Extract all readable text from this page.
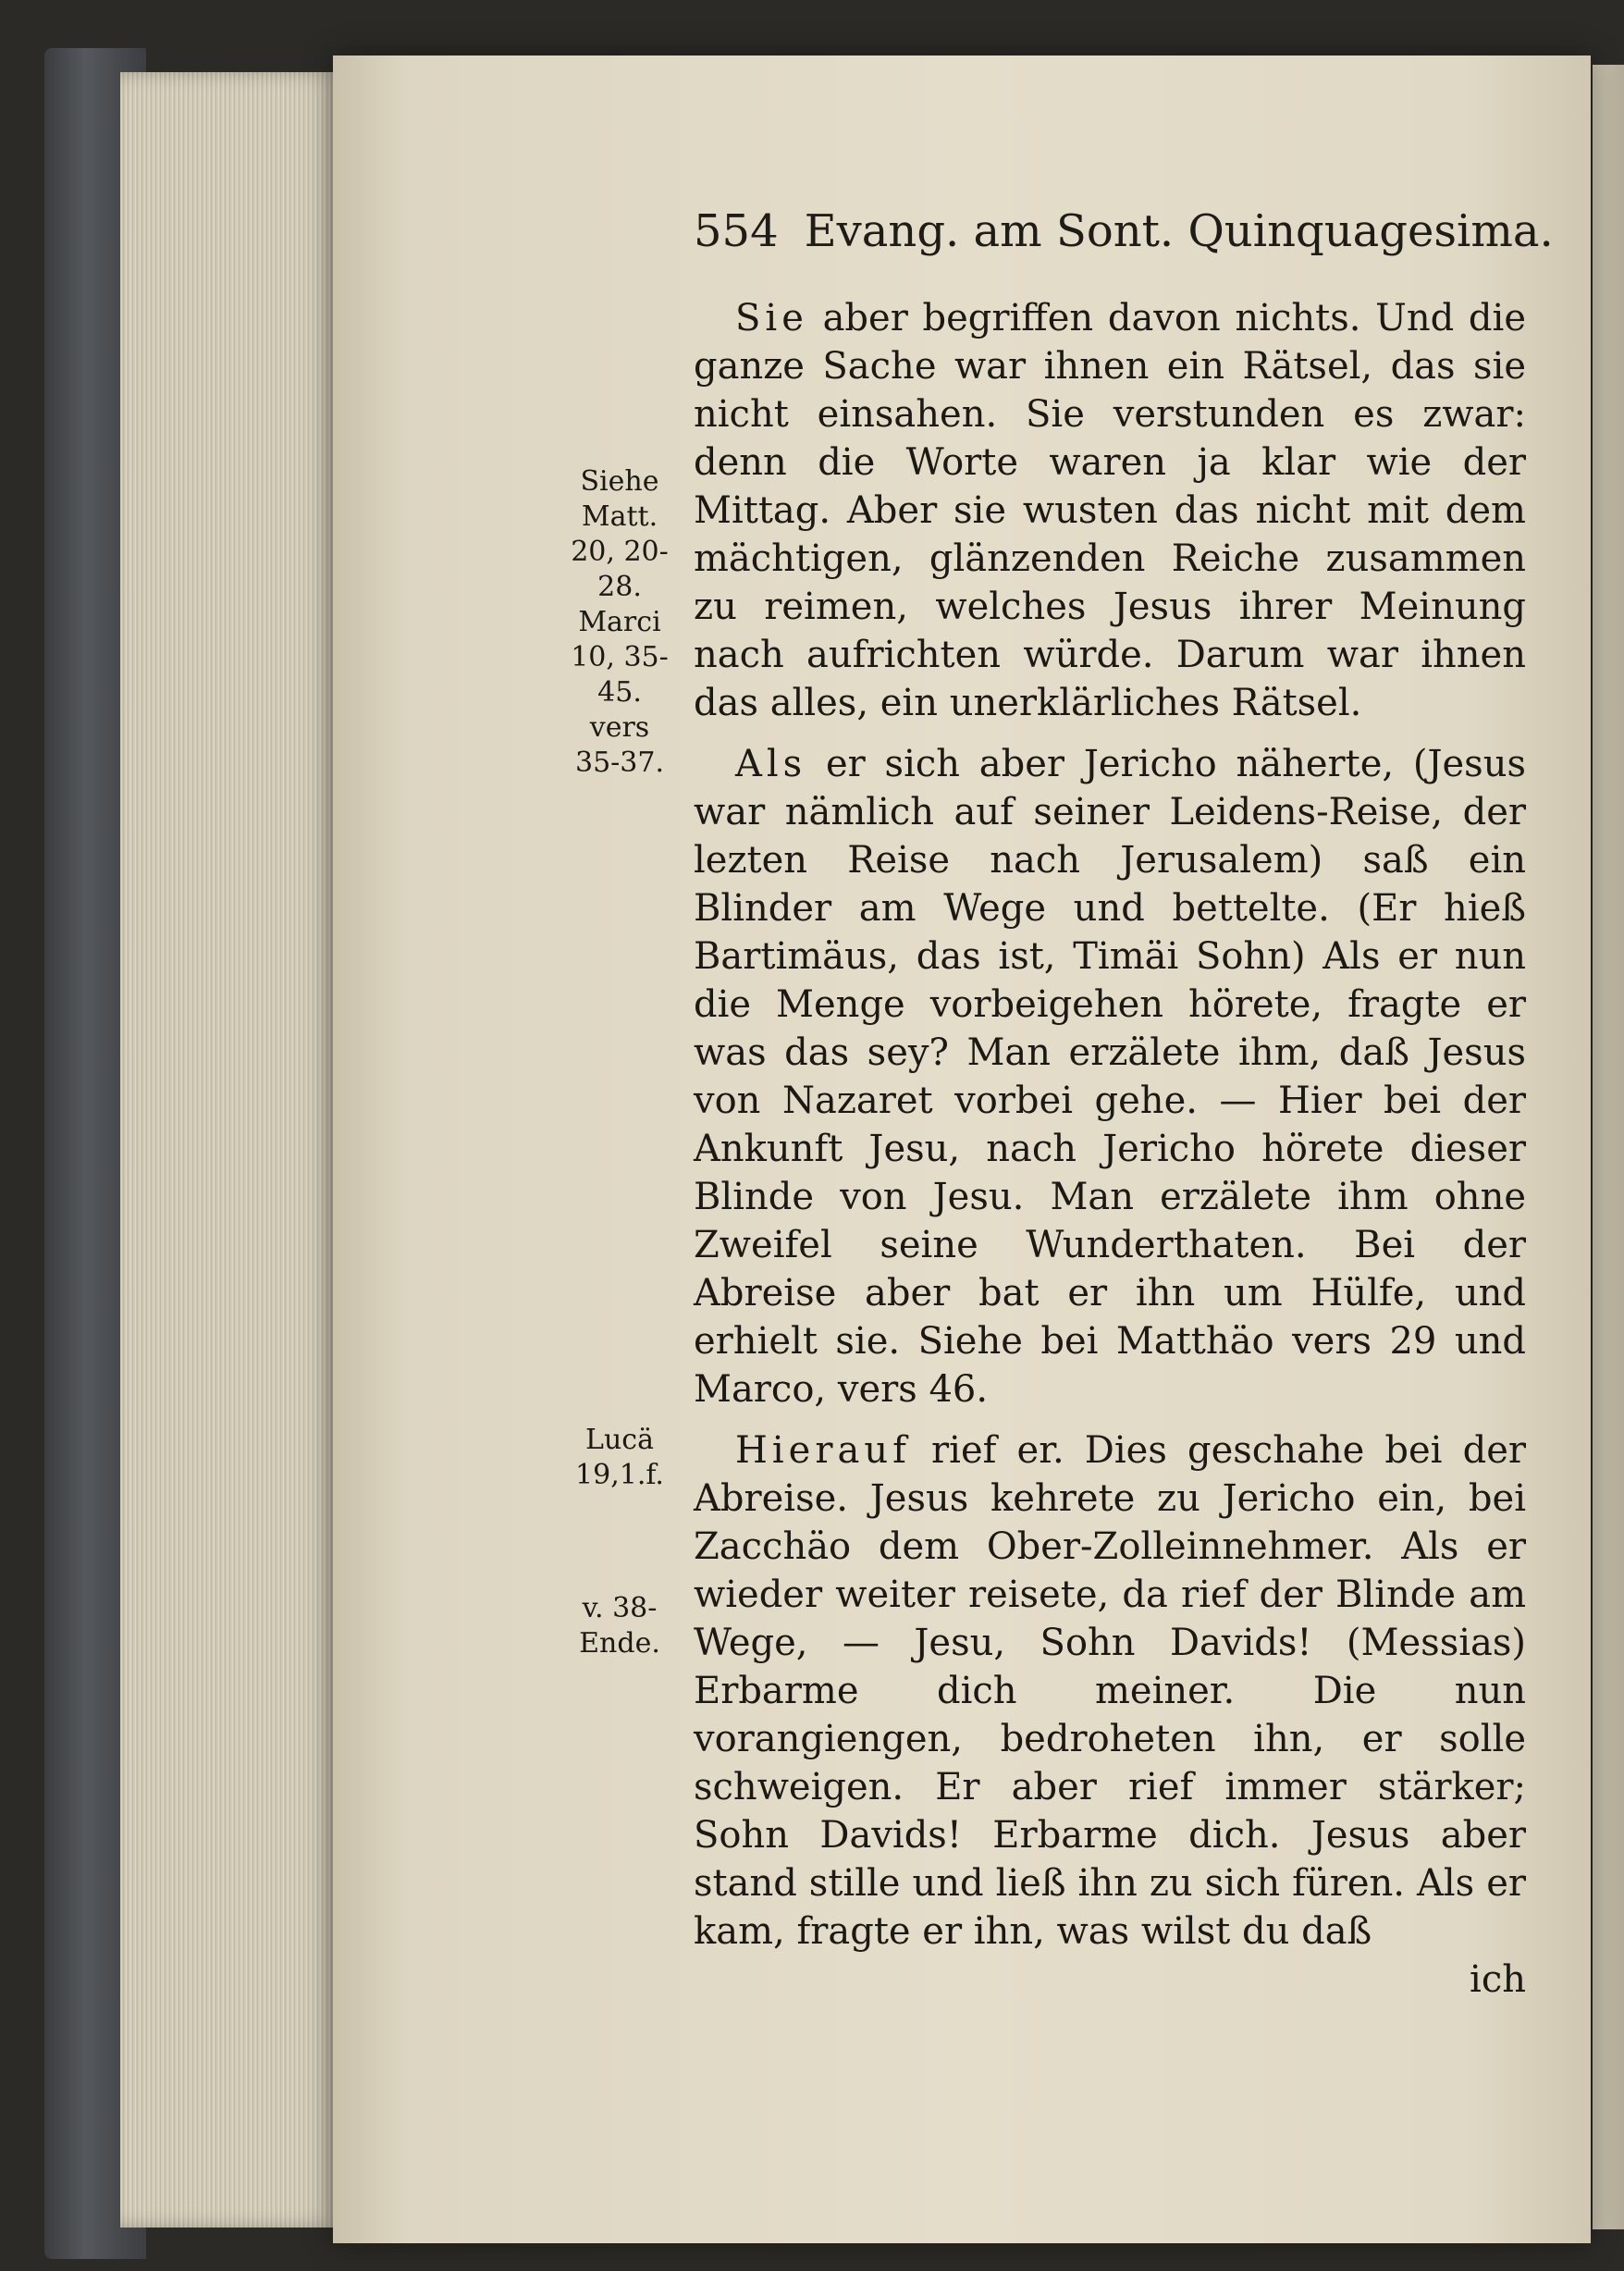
554 Evang. am Sont. Quinquagesima.
Siehe
Matt.
20, 20-
28.
Marci
10, 35-
45.
vers
35-37.
Lucä
19,1.f.
v. 38-
Ende.

Sie aber begriffen davon nichts. Und die ganze Sache war ihnen ein Rätsel, das sie nicht einsahen. Sie verstunden es zwar: denn die Worte waren ja klar wie der Mittag. Aber sie wusten das nicht mit dem mächtigen, glänzenden Reiche zusammen zu reimen, welches Jesus ihrer Meinung nach aufrichten würde. Darum war ihnen das alles, ein unerklärliches Rätsel.

Als er sich aber Jericho näherte, (Jesus war nämlich auf seiner Leidens-Reise, der lezten Reise nach Jerusalem) saß ein Blinder am Wege und bettelte. (Er hieß Bartimäus, das ist, Timäi Sohn) Als er nun die Menge vorbeigehen hörete, fragte er was das sey? Man erzälete ihm, daß Jesus von Nazaret vorbei gehe. — Hier bei der Ankunft Jesu, nach Jericho hörete dieser Blinde von Jesu. Man erzälete ihm ohne Zweifel seine Wunderthaten. Bei der Abreise aber bat er ihn um Hülfe, und erhielt sie. Siehe bei Matthäo vers 29 und Marco, vers 46.

Hierauf rief er. Dies geschahe bei der Abreise. Jesus kehrete zu Jericho ein, bei Zacchäo dem Ober-Zolleinnehmer. Als er wieder weiter reisete, da rief der Blinde am Wege, — Jesu, Sohn Davids! (Messias) Erbarme dich meiner. Die nun vorangiengen, bedroheten ihn, er solle schweigen. Er aber rief immer stärker; Sohn Davids! Erbarme dich. Jesus aber stand stille und ließ ihn zu sich füren. Als er kam, fragte er ihn, was wilst du daß

ich
